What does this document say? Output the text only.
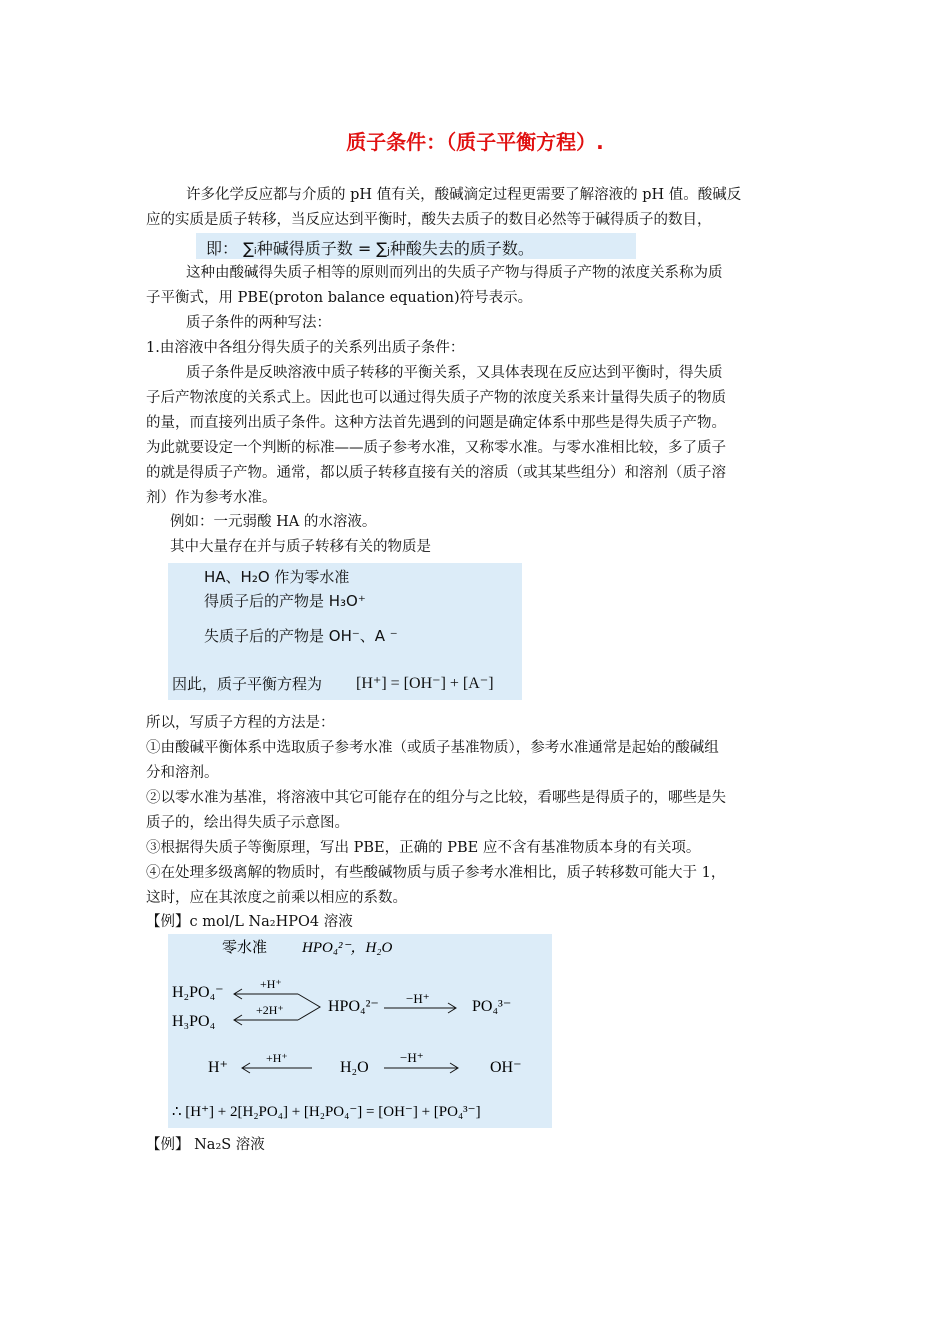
质子条件：（质子平衡方程）.
许多化学反应都与介质的 pH 值有关，酸碱滴定过程更需要了解溶液的 pH 值。酸碱反
应的实质是质子转移，当反应达到平衡时，酸失去质子的数目必然等于碱得质子的数目，
即： ∑ᵢ种碱得质子数 = ∑ⱼ种酸失去的质子数。
这种由酸碱得失质子相等的原则而列出的失质子产物与得质子产物的浓度关系称为质
子平衡式，用 PBE(proton balance equation)符号表示。
质子条件的两种写法：
1.由溶液中各组分得失质子的关系列出质子条件：
质子条件是反映溶液中质子转移的平衡关系，又具体表现在反应达到平衡时，得失质
子后产物浓度的关系式上。因此也可以通过得失质子产物的浓度关系来计量得失质子的物质
的量，而直接列出质子条件。这种方法首先遇到的问题是确定体系中那些是得失质子产物。
为此就要设定一个判断的标准——质子参考水准，又称零水准。与零水准相比较，多了质子
的就是得质子产物。通常，都以质子转移直接有关的溶质（或其某些组分）和溶剂（质子溶
剂）作为参考水准。
例如：一元弱酸 HA 的水溶液。
其中大量存在并与质子转移有关的物质是
HA、H₂O 作为零水准
得质子后的产物是 H₃O⁺
失质子后的产物是 OH⁻、A ⁻
因此，质子平衡方程为 [H⁺] = [OH⁻] + [A⁻]
所以，写质子方程的方法是：
①由酸碱平衡体系中选取质子参考水准（或质子基准物质），参考水准通常是起始的酸碱组
分和溶剂。
②以零水准为基准，将溶液中其它可能存在的组分与之比较，看哪些是得质子的，哪些是失
质子的，绘出得失质子示意图。
③根据得失质子等衡原理，写出 PBE，正确的 PBE 应不含有基准物质本身的有关项。
④在处理多级离解的物质时，有些酸碱物质与质子参考水准相比，质子转移数可能大于 1，
这时，应在其浓度之前乘以相应的系数。
【例】c mol/L Na₂HPO4 溶液
零水准 HPO₄²⁻，H₂O
H₂PO₄⁻
H₃PO₄
+H⁺
+2H⁺	HPO₄²⁻ −H⁺	PO₄³⁻
H⁺
+H⁺
H₂O
−H⁺
OH⁻
∴ [H⁺] + 2[H₂PO₄] + [H₂PO₄⁻] = [OH⁻] + [PO₄³⁻]
【例】 Na₂S 溶液
